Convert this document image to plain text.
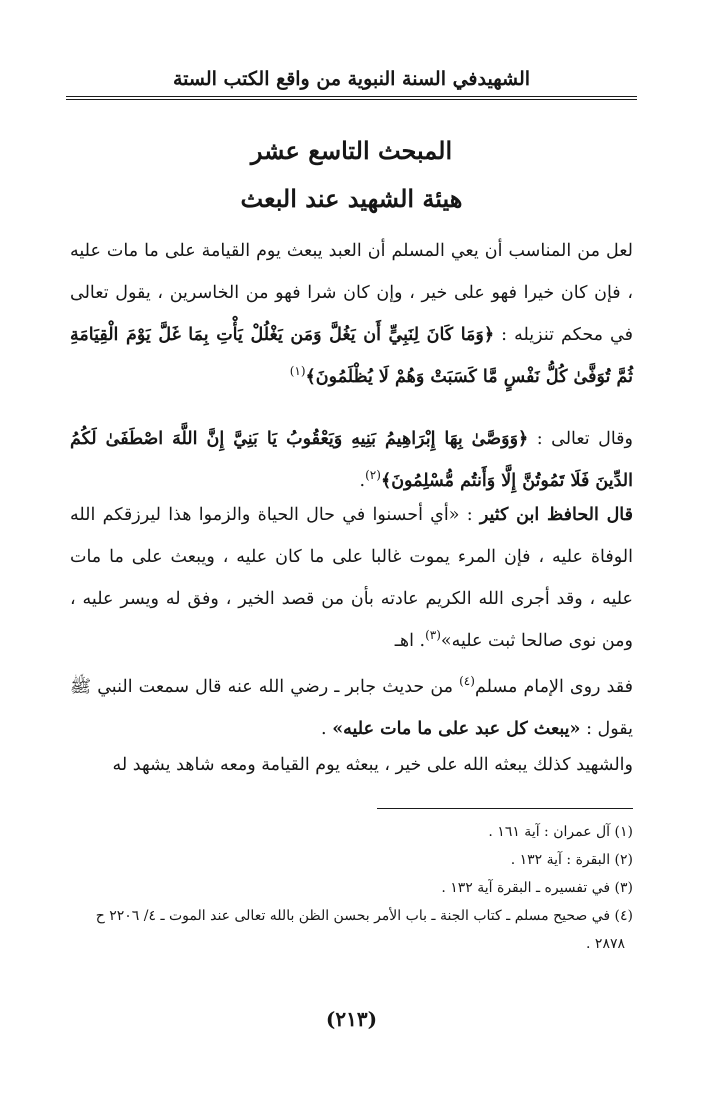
الشهيدفي السنة النبوية من واقع الكتب الستة
المبحث التاسع عشر
هيئة الشهيد عند البعث

لعل من المناسب أن يعي المسلم أن العبد يبعث يوم القيامة على ما مات عليه ، فإن كان خيرا فهو على خير ، وإن كان شرا فهو من الخاسرين ، يقول تعالى في محكم تنزيله : ﴿وَمَا كَانَ لِنَبِيٍّ أَن يَغُلَّ وَمَن يَغْلُلْ يَأْتِ بِمَا غَلَّ يَوْمَ الْقِيَامَةِ ثُمَّ تُوَفَّىٰ كُلُّ نَفْسٍ مَّا كَسَبَتْ وَهُمْ لَا يُظْلَمُونَ﴾$^{(١)}$

وقال تعالى : ﴿وَوَصَّىٰ بِهَا إِبْرَاهِيمُ بَنِيهِ وَيَعْقُوبُ يَا بَنِيَّ إِنَّ اللَّهَ اصْطَفَىٰ لَكُمُ الدِّينَ فَلَا تَمُوتُنَّ إِلَّا وَأَنتُم مُّسْلِمُونَ﴾$^{(٢)}$.

قال الحافظ ابن كثير : «أي أحسنوا في حال الحياة والزموا هذا ليرزقكم الله الوفاة عليه ، فإن المرء يموت غالبا على ما كان عليه ، ويبعث على ما مات عليه ، وقد أجرى الله الكريم عادته بأن من قصد الخير ، وفق له ويسر عليه ، ومن نوى صالحا ثبت عليه»$^{(٣)}$. اهـ

فقد روى الإمام مسلم$^{(٤)}$ من حديث جابر ـ رضي الله عنه قال سمعت النبي ﷺ يقول : «يبعث كل عبد على ما مات عليه» .

والشهيد كذلك يبعثه الله على خير ، يبعثه يوم القيامة ومعه شاهد يشهد له

(١) آل عمران : آية ١٦١ .
(٢) البقرة : آية ١٣٢ .
(٣) في تفسيره ـ البقرة آية ١٣٢ .
(٤) في صحيح مسلم ـ كتاب الجنة ـ باب الأمر بحسن الظن بالله تعالى عند الموت ـ ٤/ ٢٢٠٦ ح
٢٨٧٨ .
(٢١٣)
